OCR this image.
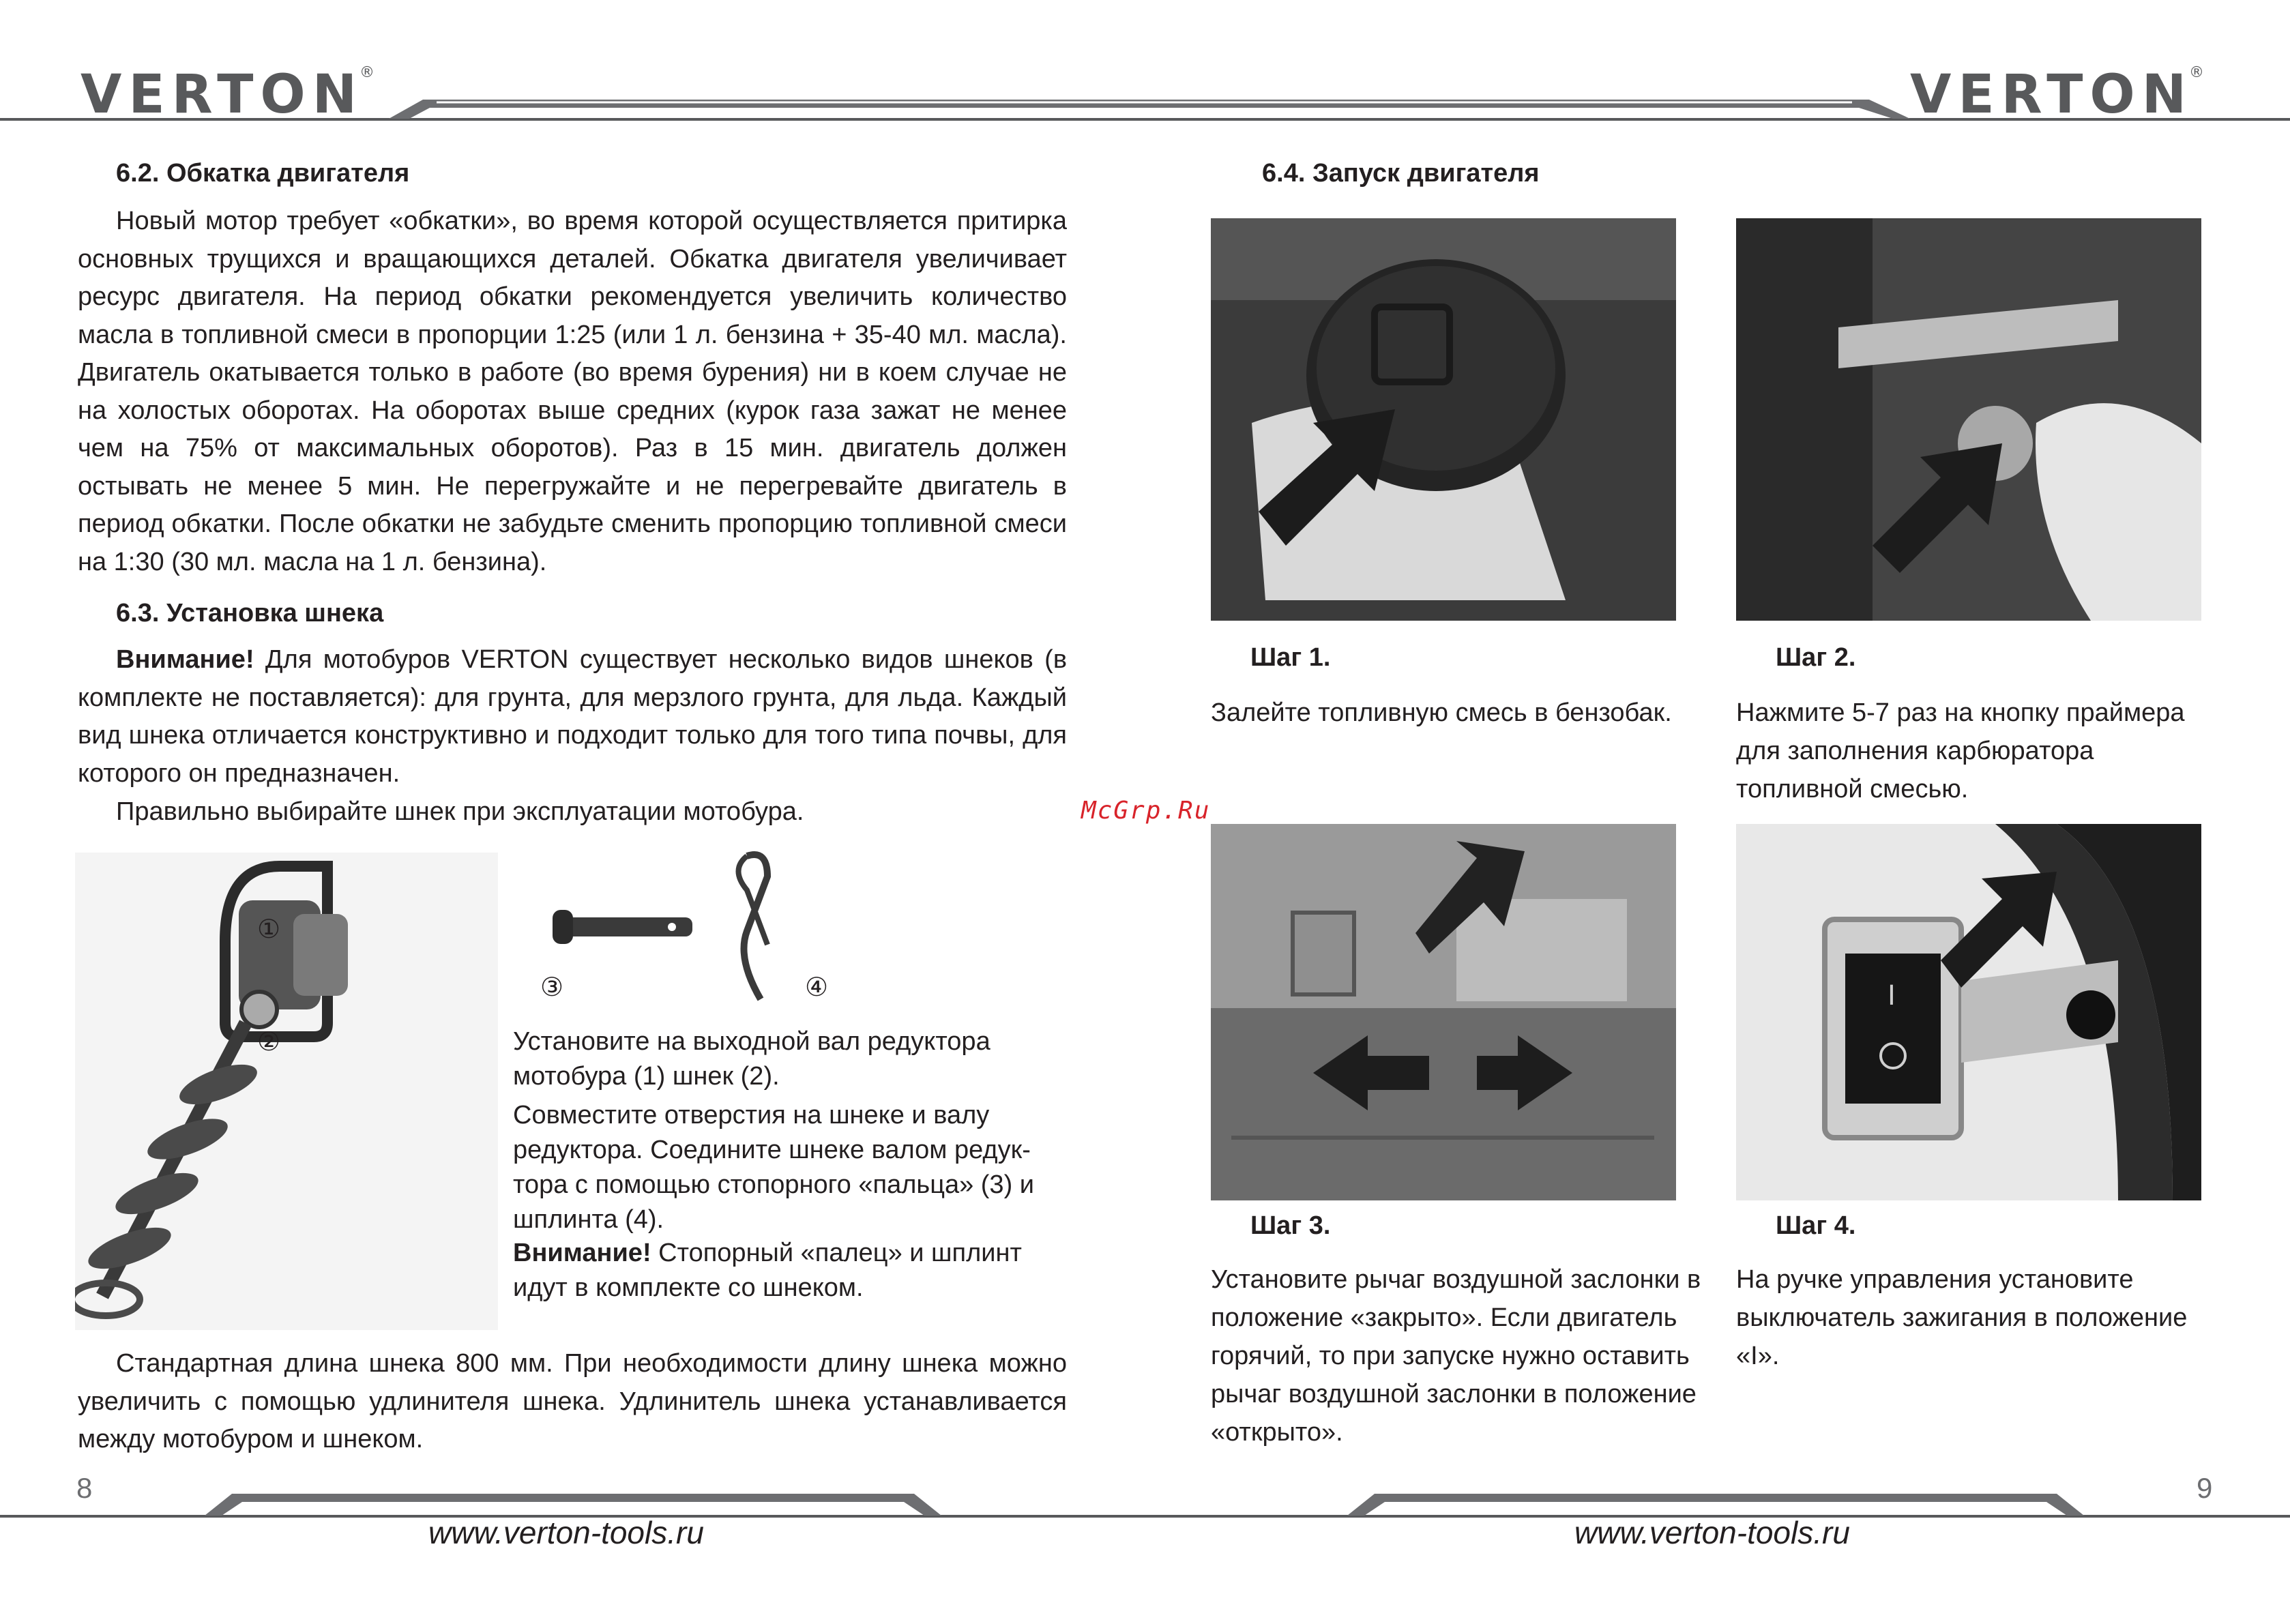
VERTON®	VERTON®
6.2. Обкатка двигателя

Новый мотор требует «обкатки», во время которой осуществляется притирка основных трущихся и вращающихся деталей. Обкатка двигателя увеличивает ресурс двигателя. На период обкатки рекомендуется увеличить количество масла в топливной смеси в пропорции 1:25 (или 1 л. бензина + 35-40 мл. масла). Двигатель окатывается только в работе (во время бурения) ни в коем случае не на холостых оборотах. На оборотах выше средних (курок газа зажат не менее чем на 75% от максимальных оборотов). Раз в 15 мин. двигатель должен остывать не менее 5 мин. Не перегружайте и не перегревайте двигатель в период обкатки. После обкатки не забудьте сменить пропорцию топливной смеси на 1:30 (30 мл. масла на 1 л. бензина).

6.3. Установка шнека

Внимание! Для мотобуров VERTON существует несколько видов шнеков (в комплекте не поставляется): для грунта, для мерзлого грунта, для льда. Каждый вид шнека отличается конструктивно и подходит только для того типа почвы, для которого он предназначен.

Правильно выбирайте шнек при эксплуатации мотобура.

①
②
③	④

Установите на выходной вал редуктора мотобура (1) шнек (2).

Совместите отверстия на шнеке и валу редуктора. Соедините шнеке валом редук-тора с помощью стопорного «пальца» (3) и шплинта (4).

Внимание! Стопорный «палец» и шплинт идут в комплекте со шнеком.

Стандартная длина шнека 800 мм. При необходимости длину шнека можно увеличить с помощью удлинителя шнека. Удлинитель шнека устанавливается между мотобуром и шнеком.

8
6.4. Запуск двигателя
Шаг 1.	Шаг 2.

Залейте топливную смесь в бензобак.	Нажмите 5-7 раз на кнопку праймера для заполнения карбюратора топливной смесью.

I
Шаг 3.	Шаг 4.

Установите рычаг воздушной заслонки в положение «закрыто». Если двигатель горячий, то при запуске нужно оставить рычаг воздушной заслонки в положение «открыто».

На ручке управления установите выключатель зажигания в положение «I».

9
McGrp.Ru
www.verton-tools.ru	www.verton-tools.ru
